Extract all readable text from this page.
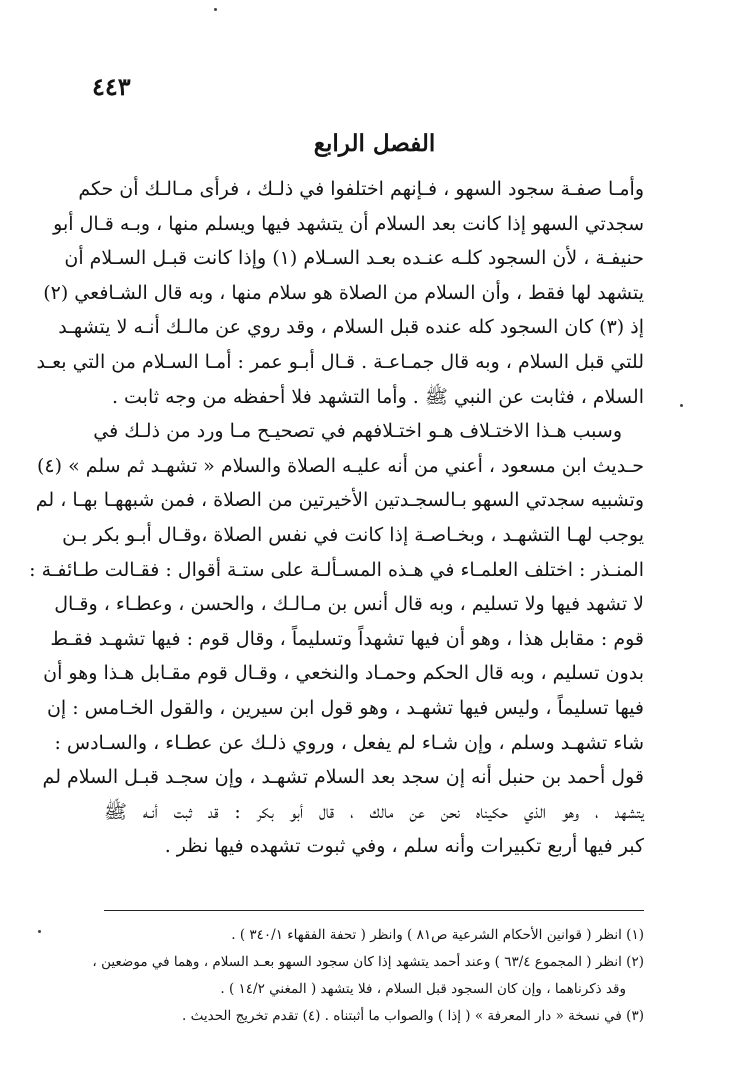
٤٤٣
الفصل الرابع
وأمـا صفـة سجود السهو ، فـإنهم اختلفوا في ذلـك ، فرأى مـالـك أن حكم
سجدتي السهو إذا كانت بعد السلام أن يتشهد فيها ويسلم منها ، وبـه قـال أبو
حنيفـة ، لأن السجود كلـه عنـده بعـد السـلام (١) وإذا كانت قبـل السـلام أن
يتشهد لها فقط ، وأن السلام من الصلاة هو سلام منها ، وبه قال الشـافعي (٢)
إذ (٣) كان السجود كله عنده قبل السلام ، وقد روي عن مالـك أنـه لا يتشهـد
للتي قبل السلام ، وبه قال جمـاعـة . قـال أبـو عمر : أمـا السـلام من التي بعـد
السلام ، فثابت عن النبي ﷺ . وأما التشهد فلا أحفظه من وجه ثابت .
وسبب هـذا الاختـلاف هـو اختـلافهم في تصحيـح مـا ورد من ذلـك في
حـديث ابن مسعود ، أعني من أنه عليـه الصلاة والسلام « تشهـد ثم سلم » (٤)
وتشبيه سجدتي السهو بـالسجـدتين الأخيرتين من الصلاة ، فمن شبههـا بهـا ، لم
يوجب لهـا التشهـد ، وبخـاصـة إذا كانت في نفس الصلاة ،وقـال أبـو بكر بـن
المنـذر : اختلف العلمـاء في هـذه المسـألـة على ستـة أقوال : فقـالت طـائفـة :
لا تشهد فيها ولا تسليم ، وبه قال أنس بن مـالـك ، والحسن ، وعطـاء ، وقـال
قوم : مقابل هذا ، وهو أن فيها تشهداً وتسليماً ، وقال قوم : فيها تشهـد فقـط
بدون تسليم ، وبه قال الحكم وحمـاد والنخعي ، وقـال قوم مقـابل هـذا وهو أن
فيها تسليماً ، وليس فيها تشهـد ، وهو قول ابن سيرين ، والقول الخـامس : إن
شاء تشهـد وسلم ، وإن شـاء لم يفعل ، وروي ذلـك عن عطـاء ، والسـادس :
قول أحمد بن حنبل أنه إن سجد بعد السلام تشهـد ، وإن سجـد قبـل السلام لم
يتشهد ، وهو الذي حكيناه نحن عن مالك ، قال أبو بكر : قد ثبت أنـه ﷺ
كبر فيها أربع تكبيرات وأنه سلم ، وفي ثبوت تشهده فيها نظر .
(١) انظر ( قوانين الأحكام الشرعية ص٨١ ) وانظر ( تحفة الفقهاء ٣٤٠/١ ) .
(٢) انظر ( المجموع ٦٣/٤ ) وعند أحمد يتشهد إذا كان سجود السهو بعـد السلام ، وهما في موضعين ،
وقد ذكرناهما ، وإن كان السجود قبل السلام ، فلا يتشهد ( المغني ١٤/٢ ) .
(٣) في نسخة « دار المعرفة » ( إذا ) والصواب ما أثبتناه . (٤) تقدم تخريج الحديث .
